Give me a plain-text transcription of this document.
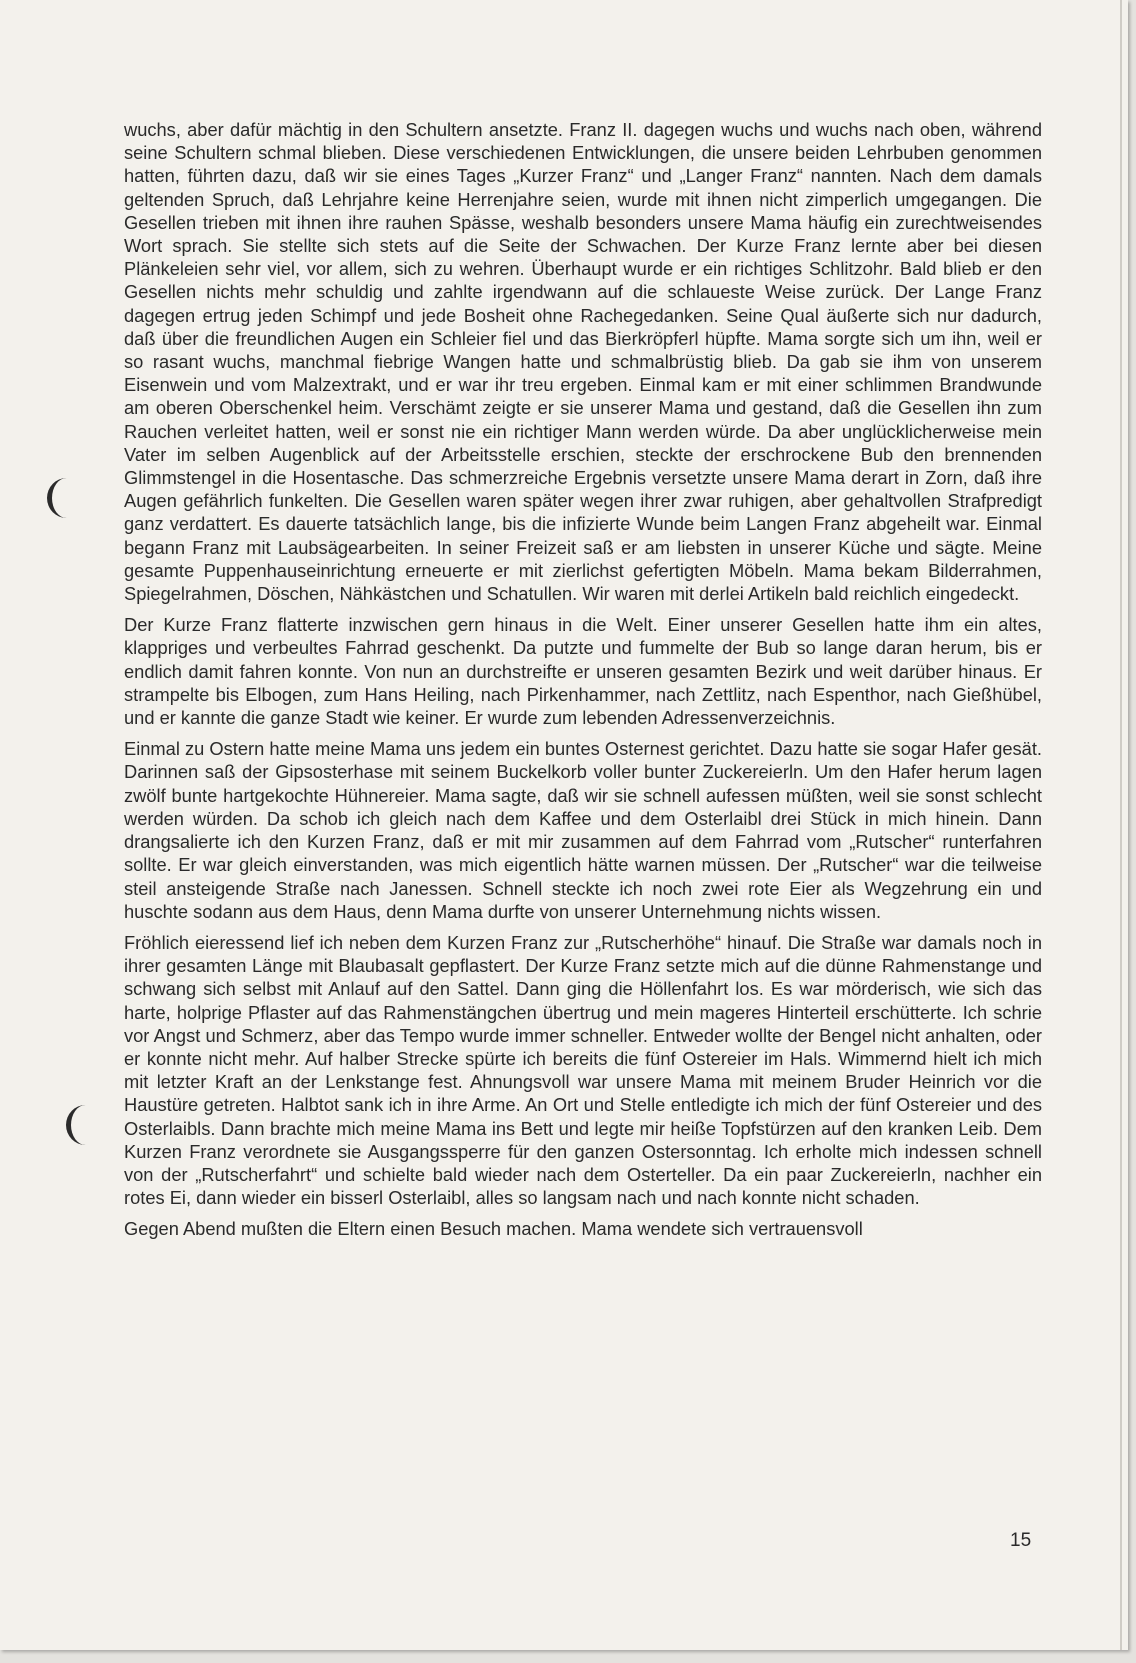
wuchs, aber dafür mächtig in den Schultern ansetzte. Franz II. dagegen wuchs und wuchs nach oben, während seine Schultern schmal blieben. Diese verschiedenen Entwicklungen, die unsere beiden Lehrbuben genommen hatten, führten dazu, daß wir sie eines Tages „Kurzer Franz“ und „Langer Franz“ nannten. Nach dem damals geltenden Spruch, daß Lehrjahre keine Herrenjahre seien, wurde mit ihnen nicht zimperlich umgegangen. Die Gesellen trieben mit ihnen ihre rauhen Spässe, weshalb besonders unsere Mama häufig ein zurechtweisendes Wort sprach. Sie stellte sich stets auf die Seite der Schwachen. Der Kurze Franz lernte aber bei diesen Plänkeleien sehr viel, vor allem, sich zu wehren. Überhaupt wurde er ein richtiges Schlitzohr. Bald blieb er den Gesellen nichts mehr schuldig und zahlte irgendwann auf die schlaueste Weise zurück. Der Lange Franz dagegen ertrug jeden Schimpf und jede Bosheit ohne Rachegedanken. Seine Qual äußerte sich nur dadurch, daß über die freundlichen Augen ein Schleier fiel und das Bierkröpferl hüpfte. Mama sorgte sich um ihn, weil er so rasant wuchs, manchmal fiebrige Wangen hatte und schmalbrüstig blieb. Da gab sie ihm von unserem Eisenwein und vom Malzextrakt, und er war ihr treu ergeben. Einmal kam er mit einer schlimmen Brandwunde am oberen Oberschenkel heim. Verschämt zeigte er sie unserer Mama und gestand, daß die Gesellen ihn zum Rauchen verleitet hatten, weil er sonst nie ein richtiger Mann werden würde. Da aber unglücklicherweise mein Vater im selben Augenblick auf der Arbeitsstelle erschien, steckte der erschrockene Bub den brennenden Glimmstengel in die Hosentasche. Das schmerzreiche Ergebnis versetzte unsere Mama derart in Zorn, daß ihre Augen gefährlich funkelten. Die Gesellen waren später wegen ihrer zwar ruhigen, aber gehaltvollen Strafpredigt ganz verdattert. Es dauerte tatsächlich lange, bis die infizierte Wunde beim Langen Franz abgeheilt war. Einmal begann Franz mit Laubsägearbeiten. In seiner Freizeit saß er am liebsten in unserer Küche und sägte. Meine gesamte Puppenhauseinrichtung erneuerte er mit zierlichst gefertigten Möbeln. Mama bekam Bilderrahmen, Spiegelrahmen, Döschen, Nähkästchen und Schatullen. Wir waren mit derlei Artikeln bald reichlich eingedeckt.

Der Kurze Franz flatterte inzwischen gern hinaus in die Welt. Einer unserer Gesellen hatte ihm ein altes, klappriges und verbeultes Fahrrad geschenkt. Da putzte und fummelte der Bub so lange daran herum, bis er endlich damit fahren konnte. Von nun an durchstreifte er unseren gesamten Bezirk und weit darüber hinaus. Er strampelte bis Elbogen, zum Hans Heiling, nach Pirkenhammer, nach Zettlitz, nach Espenthor, nach Gießhübel, und er kannte die ganze Stadt wie keiner. Er wurde zum lebenden Adressenverzeichnis.

Einmal zu Ostern hatte meine Mama uns jedem ein buntes Osternest gerichtet. Dazu hatte sie sogar Hafer gesät. Darinnen saß der Gipsosterhase mit seinem Buckelkorb voller bunter Zuckereierln. Um den Hafer herum lagen zwölf bunte hartgekochte Hühnereier. Mama sagte, daß wir sie schnell aufessen müßten, weil sie sonst schlecht werden würden. Da schob ich gleich nach dem Kaffee und dem Osterlaibl drei Stück in mich hinein. Dann drangsalierte ich den Kurzen Franz, daß er mit mir zusammen auf dem Fahrrad vom „Rutscher“ runterfahren sollte. Er war gleich einverstanden, was mich eigentlich hätte warnen müssen. Der „Rutscher“ war die teilweise steil ansteigende Straße nach Janessen. Schnell steckte ich noch zwei rote Eier als Wegzehrung ein und huschte sodann aus dem Haus, denn Mama durfte von unserer Unternehmung nichts wissen.

Fröhlich eieressend lief ich neben dem Kurzen Franz zur „Rutscherhöhe“ hinauf. Die Straße war damals noch in ihrer gesamten Länge mit Blaubasalt gepflastert. Der Kurze Franz setzte mich auf die dünne Rahmenstange und schwang sich selbst mit Anlauf auf den Sattel. Dann ging die Höllenfahrt los. Es war mörderisch, wie sich das harte, holprige Pflaster auf das Rahmenstängchen übertrug und mein mageres Hinterteil erschütterte. Ich schrie vor Angst und Schmerz, aber das Tempo wurde immer schneller. Entweder wollte der Bengel nicht anhalten, oder er konnte nicht mehr. Auf halber Strecke spürte ich bereits die fünf Ostereier im Hals. Wimmernd hielt ich mich mit letzter Kraft an der Lenkstange fest. Ahnungsvoll war unsere Mama mit meinem Bruder Heinrich vor die Haustüre getreten. Halbtot sank ich in ihre Arme. An Ort und Stelle entledigte ich mich der fünf Ostereier und des Osterlaibls. Dann brachte mich meine Mama ins Bett und legte mir heiße Topfstürzen auf den kranken Leib. Dem Kurzen Franz verordnete sie Ausgangssperre für den ganzen Ostersonntag. Ich erholte mich indessen schnell von der „Rutscherfahrt“ und schielte bald wieder nach dem Osterteller. Da ein paar Zuckereierln, nachher ein rotes Ei, dann wieder ein bisserl Osterlaibl, alles so langsam nach und nach konnte nicht schaden.

Gegen Abend mußten die Eltern einen Besuch machen. Mama wendete sich vertrauensvoll

15
